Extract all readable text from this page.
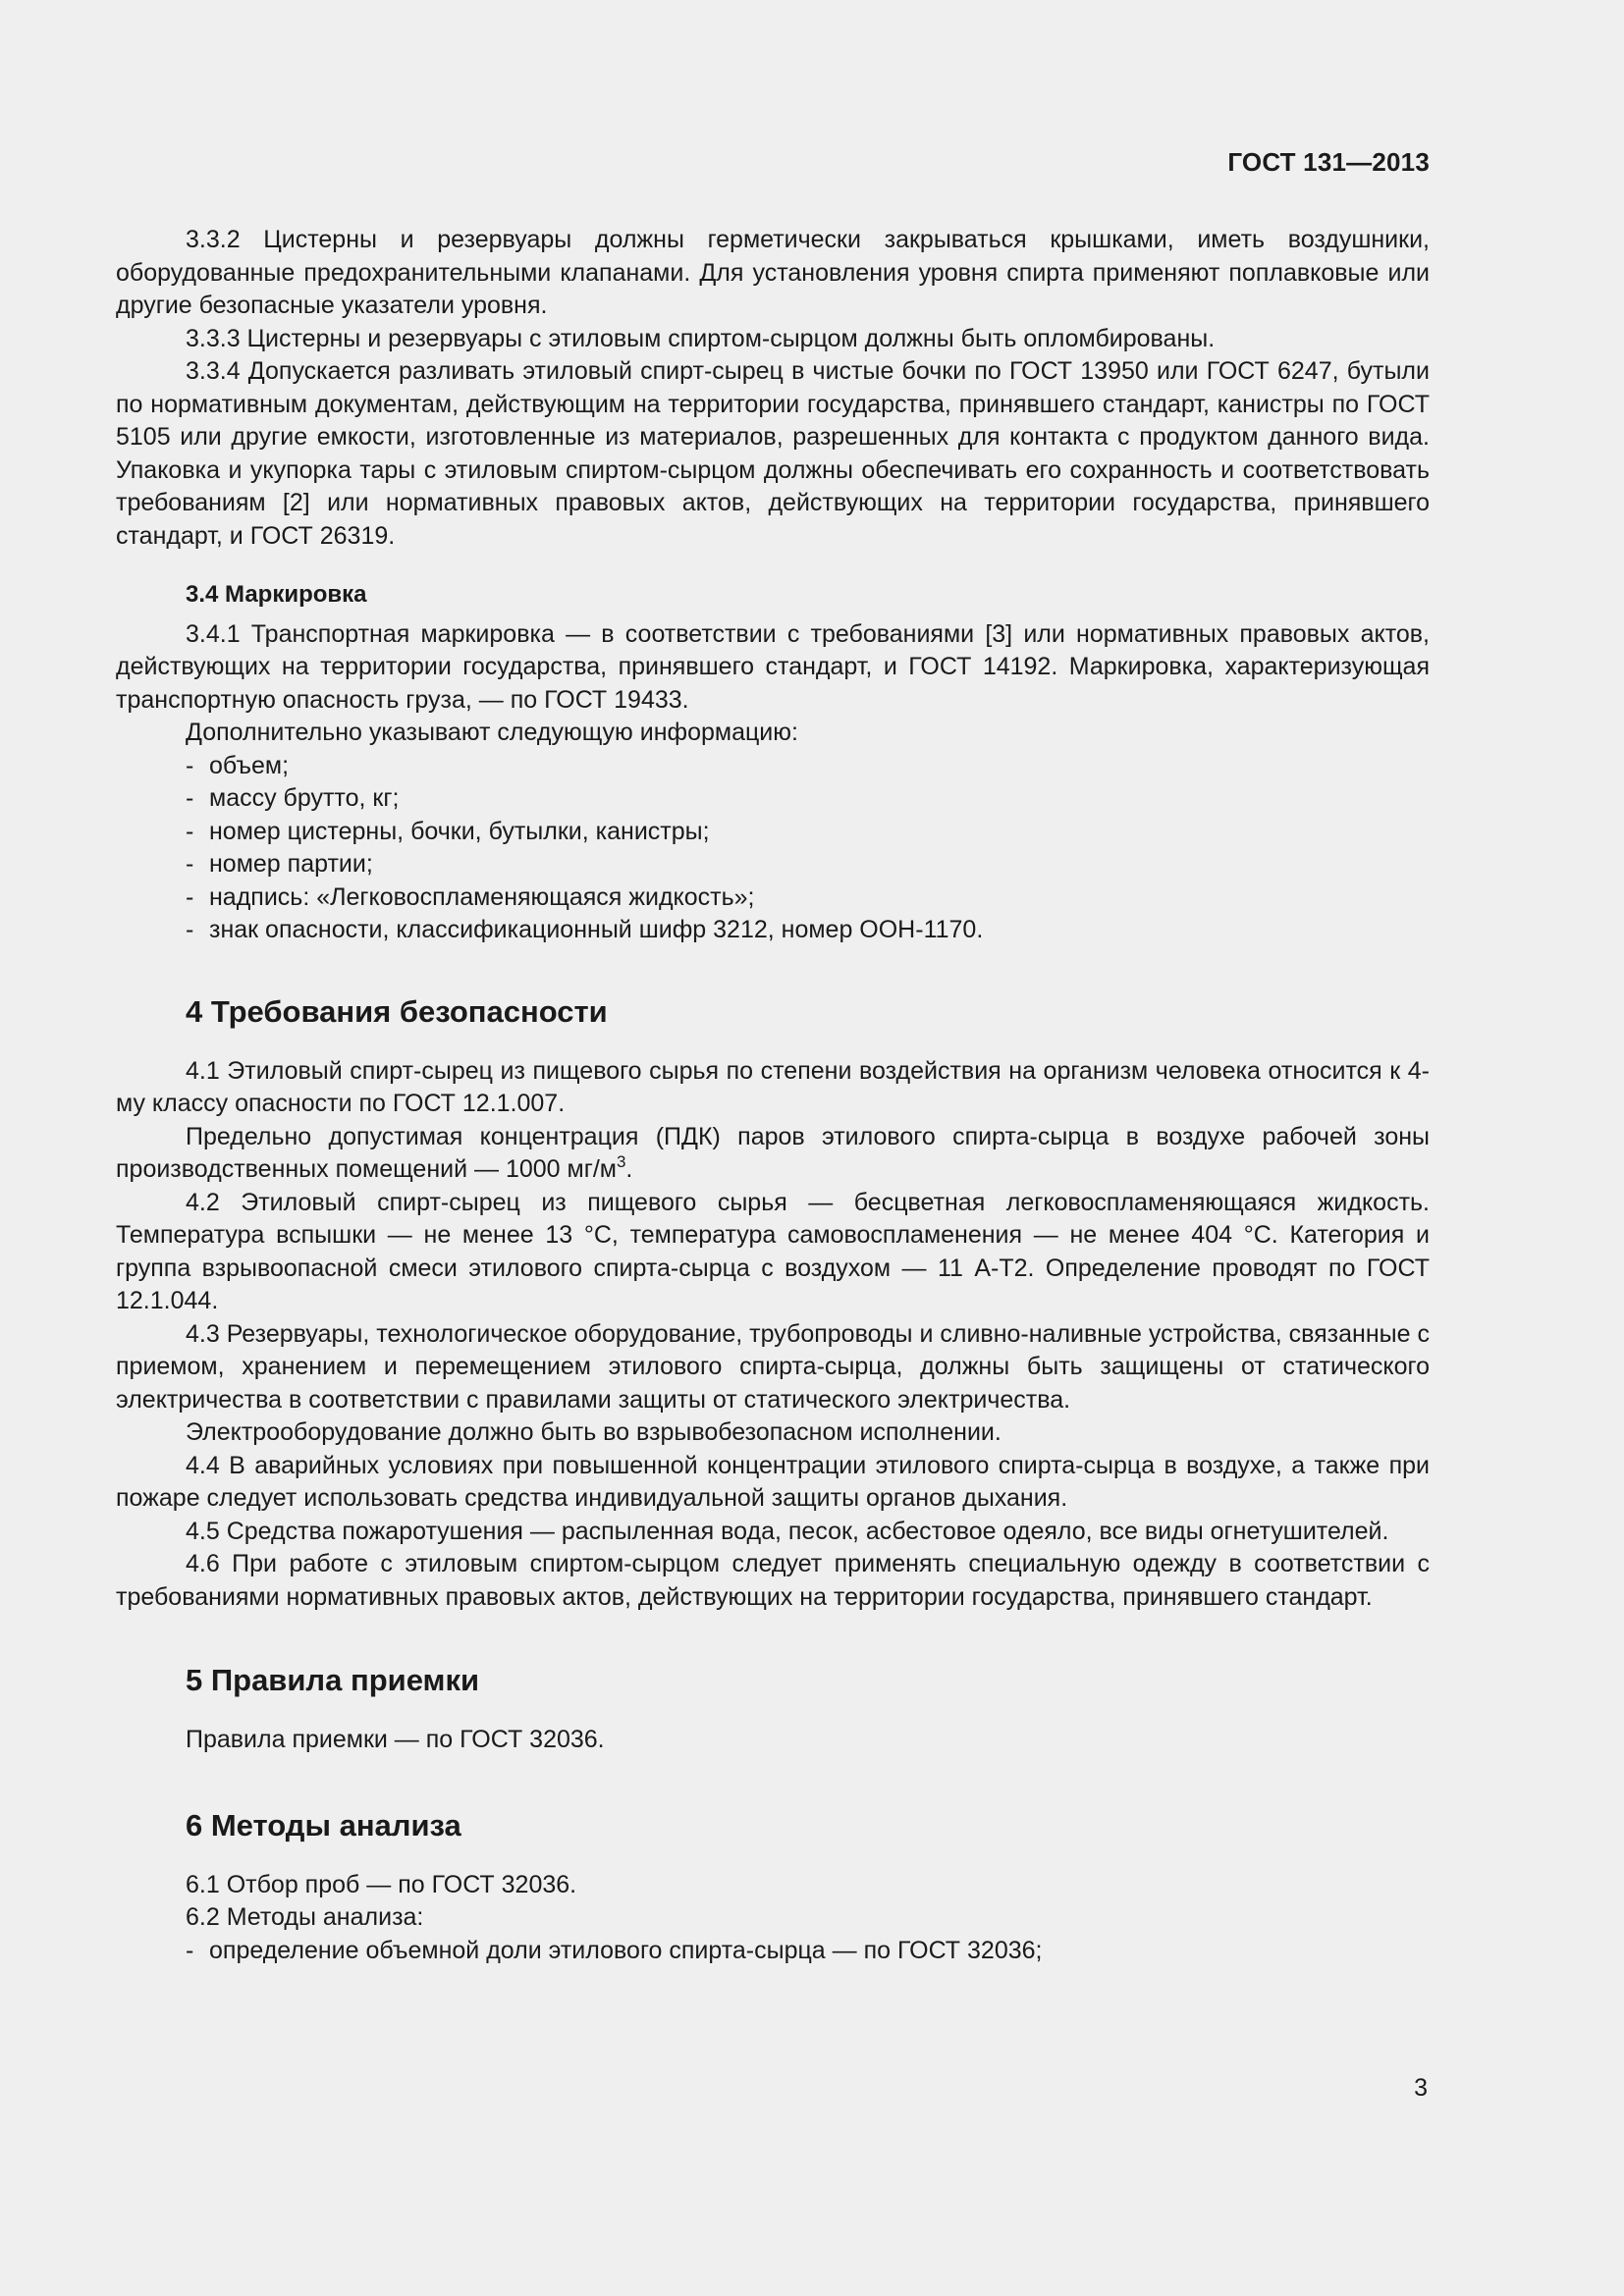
ГОСТ 131—2013

3.3.2 Цистерны и резервуары должны герметически закрываться крышками, иметь воздушники, оборудованные предохранительными клапанами. Для установления уровня спирта применяют поплавковые или другие безопасные указатели уровня.

3.3.3 Цистерны и резервуары с этиловым спиртом-сырцом должны быть опломбированы.

3.3.4 Допускается разливать этиловый спирт-сырец в чистые бочки по ГОСТ 13950 или ГОСТ 6247, бутыли по нормативным документам, действующим на территории государства, принявшего стандарт, канистры по ГОСТ 5105 или другие емкости, изготовленные из материалов, разрешенных для контакта с продуктом данного вида. Упаковка и укупорка тары с этиловым спиртом-сырцом должны обеспечивать его сохранность и соответствовать требованиям [2] или нормативных правовых актов, действующих на территории государства, принявшего стандарт, и ГОСТ 26319.

3.4 Маркировка

3.4.1 Транспортная маркировка — в соответствии с требованиями [3] или нормативных правовых актов, действующих на территории государства, принявшего стандарт, и ГОСТ 14192. Маркировка, характеризующая транспортную опасность груза, — по ГОСТ 19433.

Дополнительно указывают следующую информацию:

- объем;

- массу брутто, кг;

- номер цистерны, бочки, бутылки, канистры;

- номер партии;

- надпись: «Легковоспламеняющаяся жидкость»;

- знак опасности, классификационный шифр 3212, номер ООН-1170.

4 Требования безопасности

4.1 Этиловый спирт-сырец из пищевого сырья по степени воздействия на организм человека относится к 4-му классу опасности по ГОСТ 12.1.007.

Предельно допустимая концентрация (ПДК) паров этилового спирта-сырца в воздухе рабочей зоны производственных помещений — 1000 $мг/м^3$.

4.2 Этиловый спирт-сырец из пищевого сырья — бесцветная легковоспламеняющаяся жидкость. Температура вспышки — не менее 13 °С, температура самовоспламенения — не менее 404 °С. Категория и группа взрывоопасной смеси этилового спирта-сырца с воздухом — 11 А-Т2. Определение проводят по ГОСТ 12.1.044.

4.3 Резервуары, технологическое оборудование, трубопроводы и сливно-наливные устройства, связанные с приемом, хранением и перемещением этилового спирта-сырца, должны быть защищены от статического электричества в соответствии с правилами защиты от статического электричества.

Электрооборудование должно быть во взрывобезопасном исполнении.

4.4 В аварийных условиях при повышенной концентрации этилового спирта-сырца в воздухе, а также при пожаре следует использовать средства индивидуальной защиты органов дыхания.

4.5 Средства пожаротушения — распыленная вода, песок, асбестовое одеяло, все виды огнетушителей.

4.6 При работе с этиловым спиртом-сырцом следует применять специальную одежду в соответствии с требованиями нормативных правовых актов, действующих на территории государства, принявшего стандарт.

5 Правила приемки

Правила приемки — по ГОСТ 32036.

6 Методы анализа

6.1 Отбор проб — по ГОСТ 32036.

6.2 Методы анализа:

- определение объемной доли этилового спирта-сырца — по ГОСТ 32036;

3
